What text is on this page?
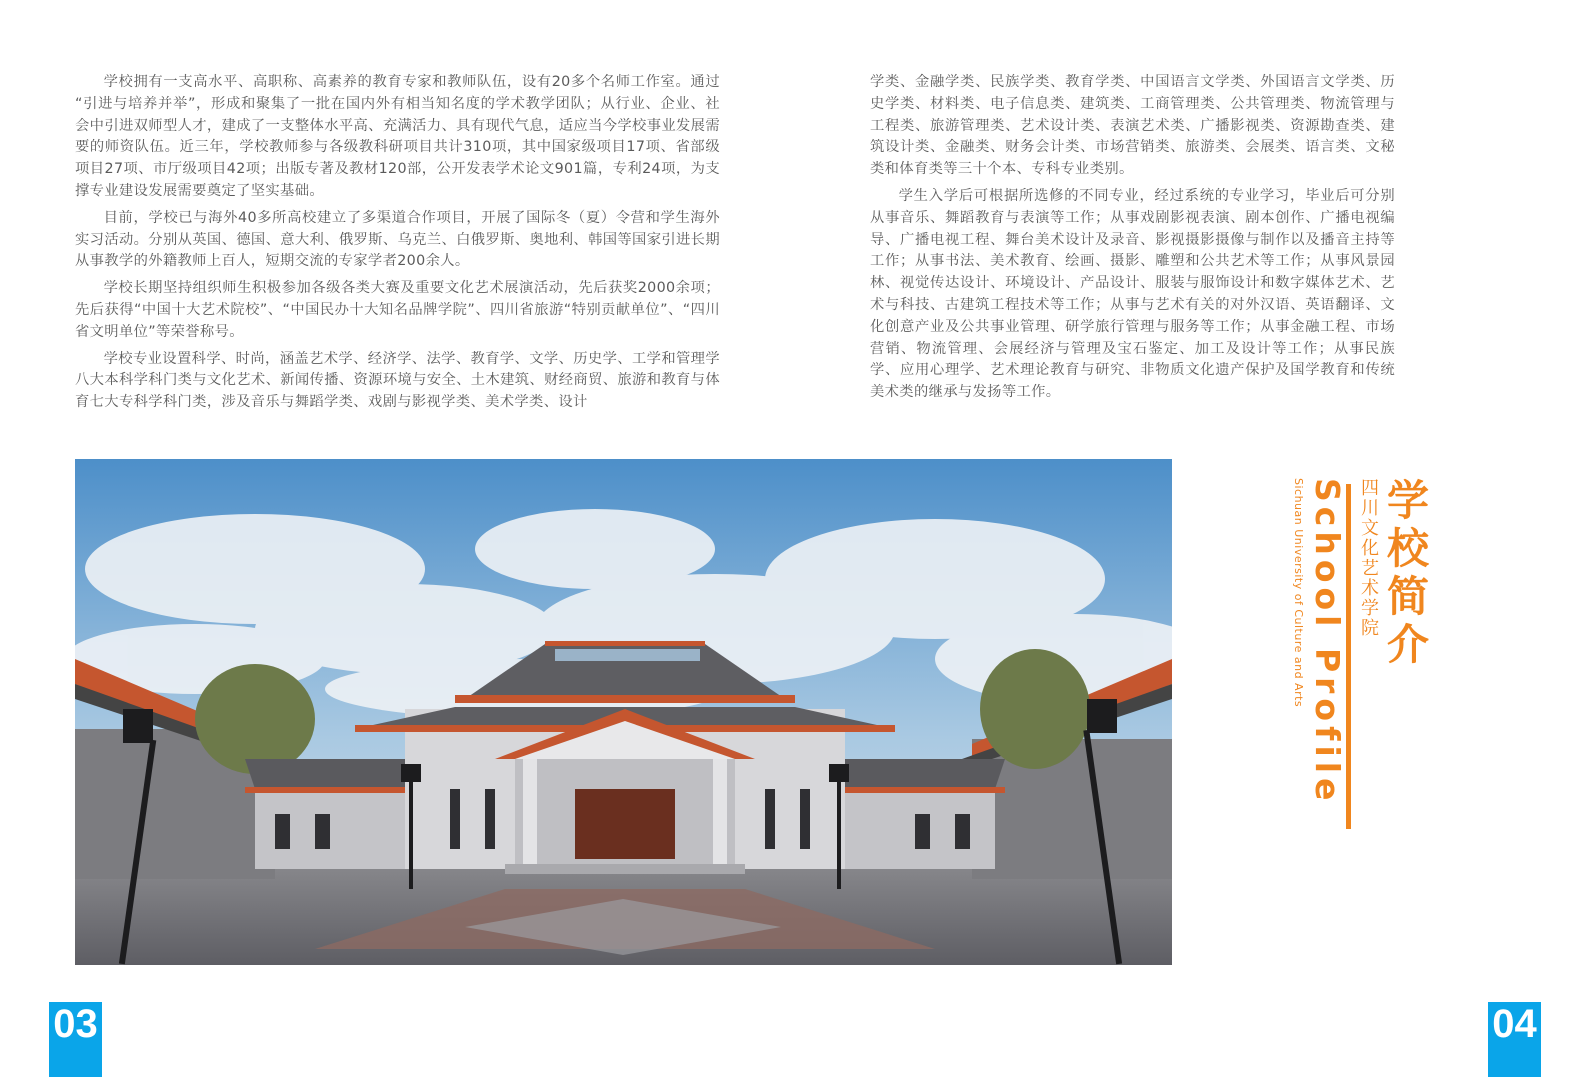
学校拥有一支高水平、高职称、高素养的教育专家和教师队伍，设有20多个名师工作室。通过 “引进与培养并举”，形成和聚集了一批在国内外有相当知名度的学术教学团队；从行业、企业、社会中引进双师型人才，建成了一支整体水平高、充满活力、具有现代气息，适应当今学校事业发展需要的师资队伍。近三年，学校教师参与各级教科研项目共计310项，其中国家级项目17项、省部级项目27项、市厅级项目42项；出版专著及教材120部，公开发表学术论文901篇，专利24项，为支撑专业建设发展需要奠定了坚实基础。

目前，学校已与海外40多所高校建立了多渠道合作项目，开展了国际冬（夏）令营和学生海外实习活动。分别从英国、德国、意大利、俄罗斯、乌克兰、白俄罗斯、奥地利、韩国等国家引进长期从事教学的外籍教师上百人，短期交流的专家学者200余人。

学校长期坚持组织师生积极参加各级各类大赛及重要文化艺术展演活动，先后获奖2000余项；先后获得“中国十大艺术院校”、“中国民办十大知名品牌学院”、四川省旅游“特别贡献单位”、“四川省文明单位”等荣誉称号。

学校专业设置科学、时尚，涵盖艺术学、经济学、法学、教育学、文学、历史学、工学和管理学八大本科学科门类与文化艺术、新闻传播、资源环境与安全、土木建筑、财经商贸、旅游和教育与体育七大专科学科门类，涉及音乐与舞蹈学类、戏剧与影视学类、美术学类、设计

学类、金融学类、民族学类、教育学类、中国语言文学类、外国语言文学类、历史学类、材料类、电子信息类、建筑类、工商管理类、公共管理类、物流管理与工程类、旅游管理类、艺术设计类、表演艺术类、广播影视类、资源勘查类、建筑设计类、金融类、财务会计类、市场营销类、旅游类、会展类、语言类、文秘类和体育类等三十个本、专科专业类别。

学生入学后可根据所选修的不同专业，经过系统的专业学习，毕业后可分别从事音乐、舞蹈教育与表演等工作；从事戏剧影视表演、剧本创作、广播电视编导、广播电视工程、舞台美术设计及录音、影视摄影摄像与制作以及播音主持等工作；从事书法、美术教育、绘画、摄影、雕塑和公共艺术等工作；从事风景园林、视觉传达设计、环境设计、产品设计、服装与服饰设计和数字媒体艺术、艺术与科技、古建筑工程技术等工作；从事与艺术有关的对外汉语、英语翻译、文化创意产业及公共事业管理、研学旅行管理与服务等工作；从事金融工程、市场营销、物流管理、会展经济与管理及宝石鉴定、加工及设计等工作；从事民族学、应用心理学、艺术理论教育与研究、非物质文化遗产保护及国学教育和传统美术类的继承与发扬等工作。

学校简介
四川文化艺术学院
School Profile
Sichuan University of Culture and Arts
03	04
